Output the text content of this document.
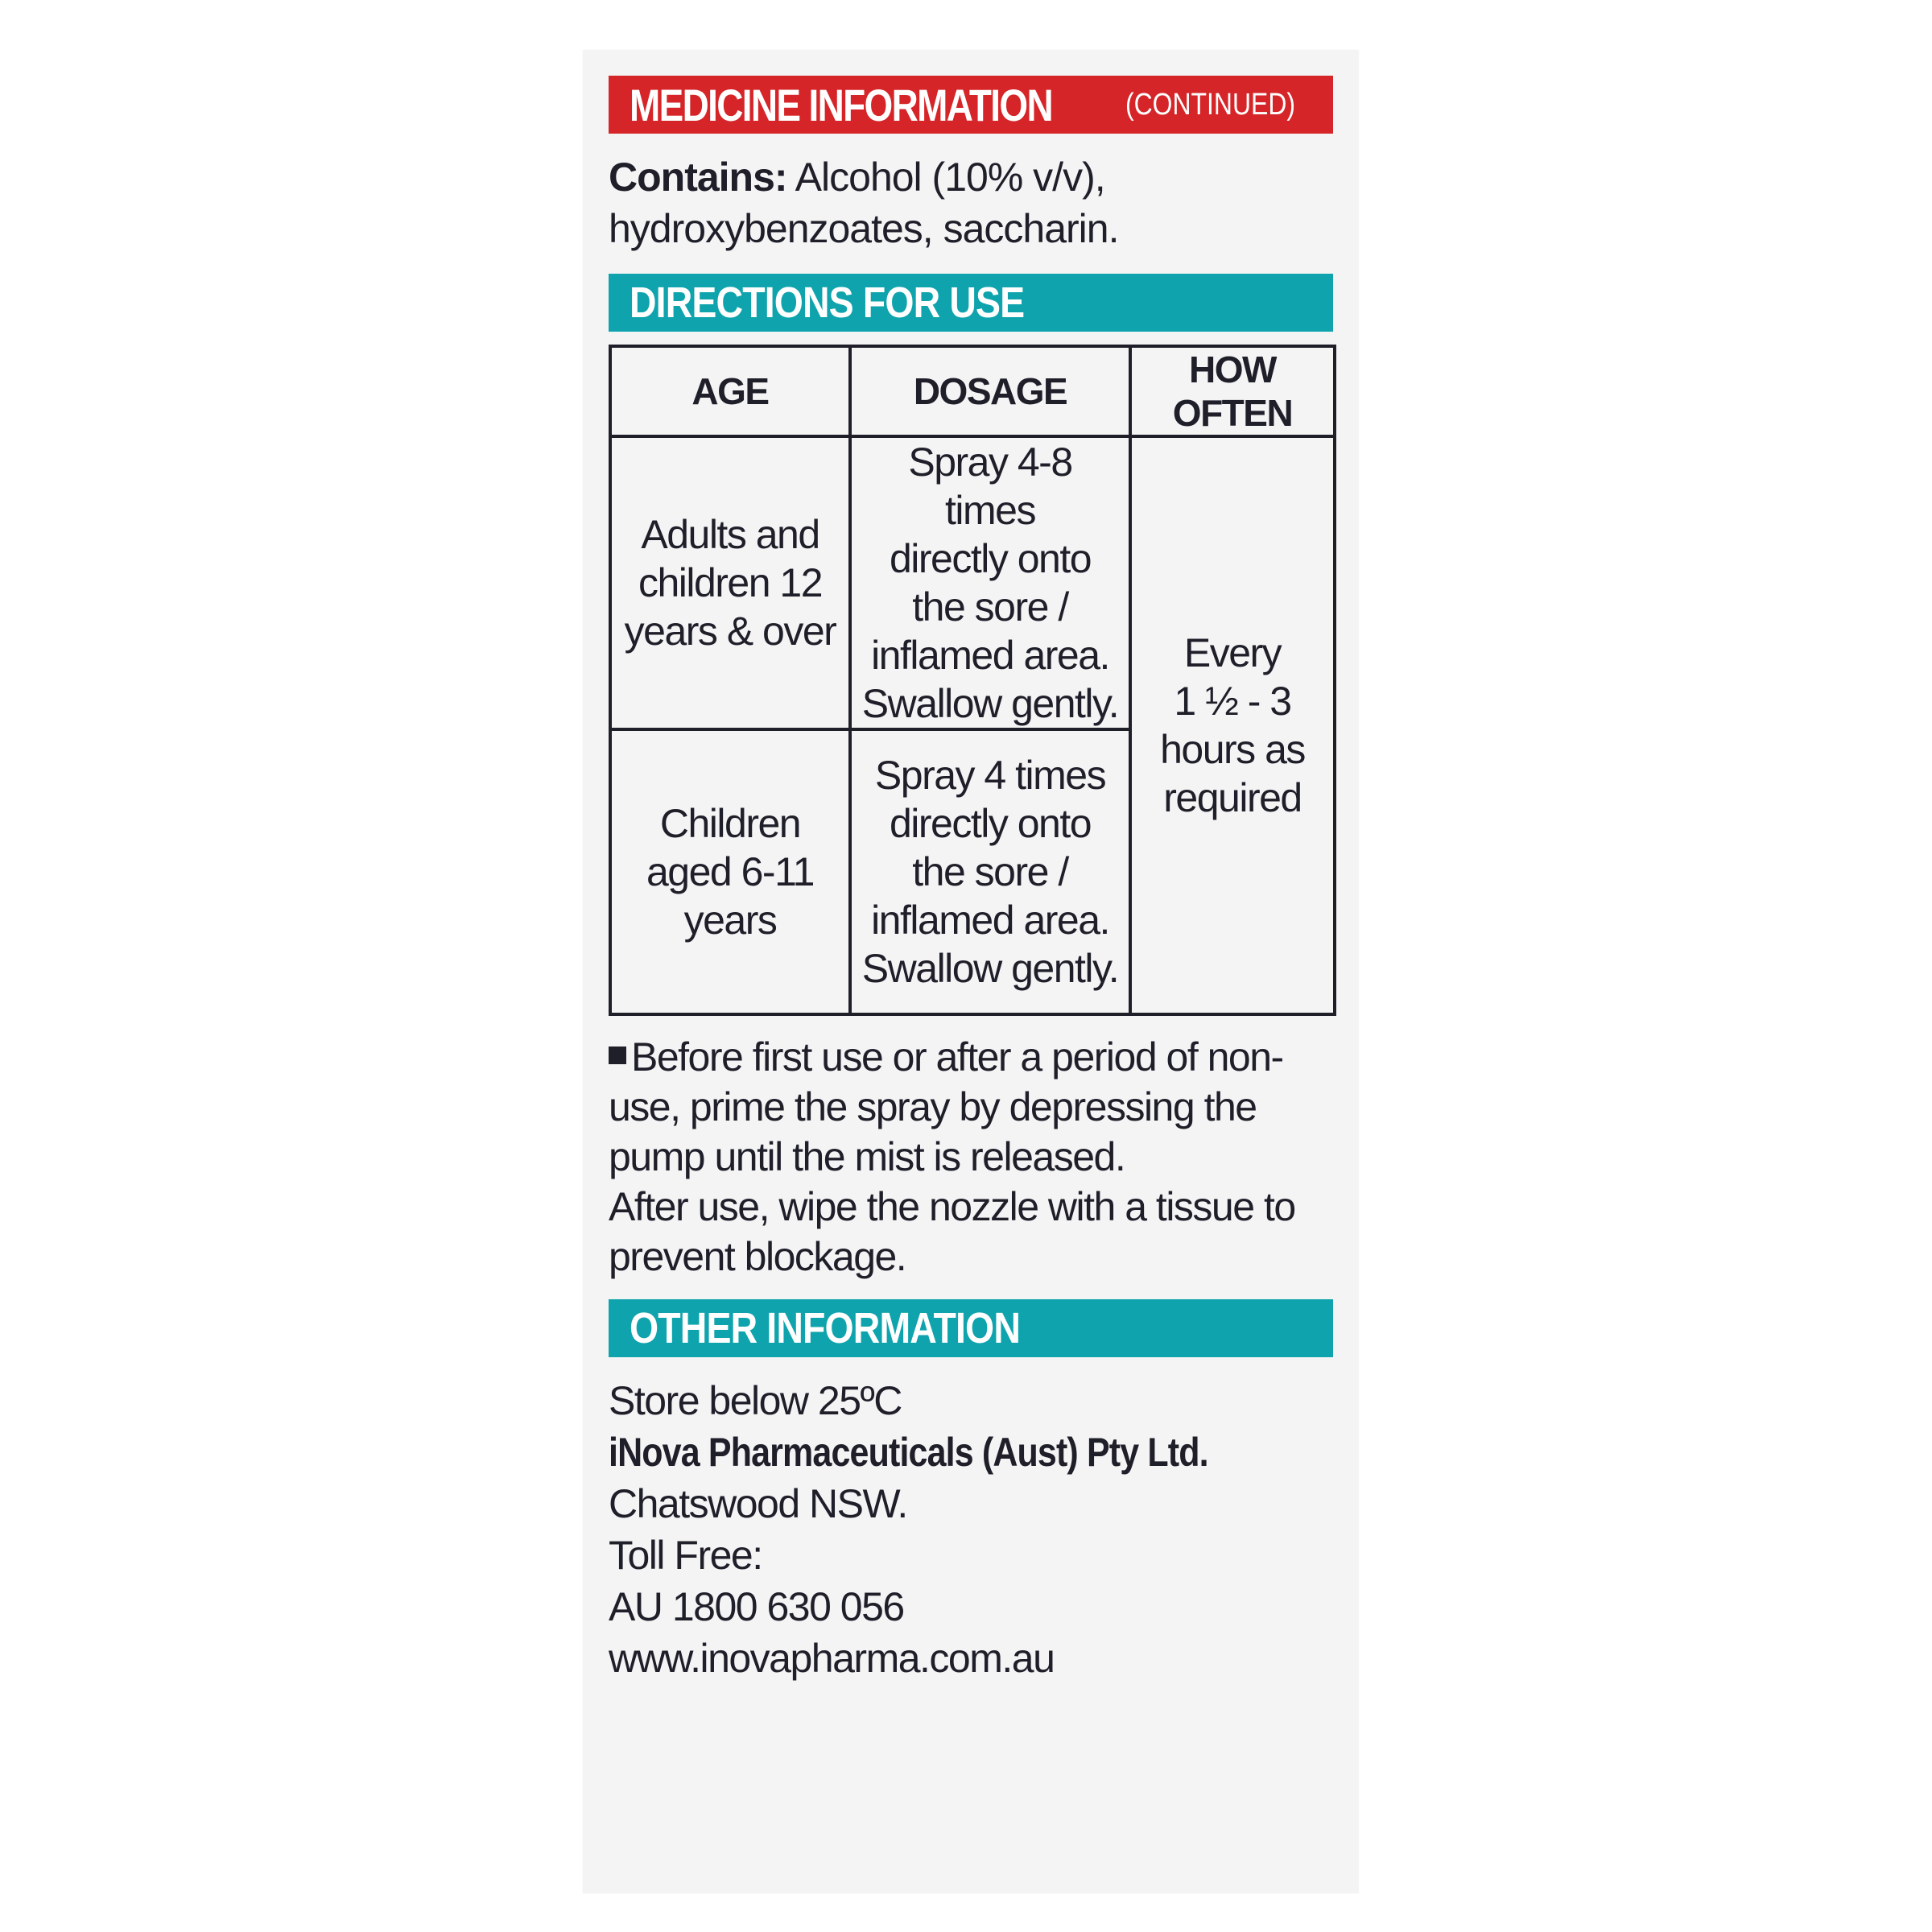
MEDICINE INFORMATION (CONTINUED)
Contains: Alcohol (10% v/v), hydroxybenzoates, saccharin.
DIRECTIONS FOR USE
AGE	DOSAGE	HOW OFTEN
Adults and
children 12
years & over	Spray 4-8 times
directly onto
the sore /
inflamed area.
Swallow gently.	Every
1 ½ - 3
hours as
required
Children
aged 6-11
years	Spray 4 times
directly onto
the sore /
inflamed area.
Swallow gently.	
Before first use or after a period of non-use, prime the spray by depressing the pump until the mist is released.
After use, wipe the nozzle with a tissue to prevent blockage.
OTHER INFORMATION
Store below 25ºC
iNova Pharmaceuticals (Aust) Pty Ltd.
Chatswood NSW.
Toll Free:
AU 1800 630 056
www.inovapharma.com.au
